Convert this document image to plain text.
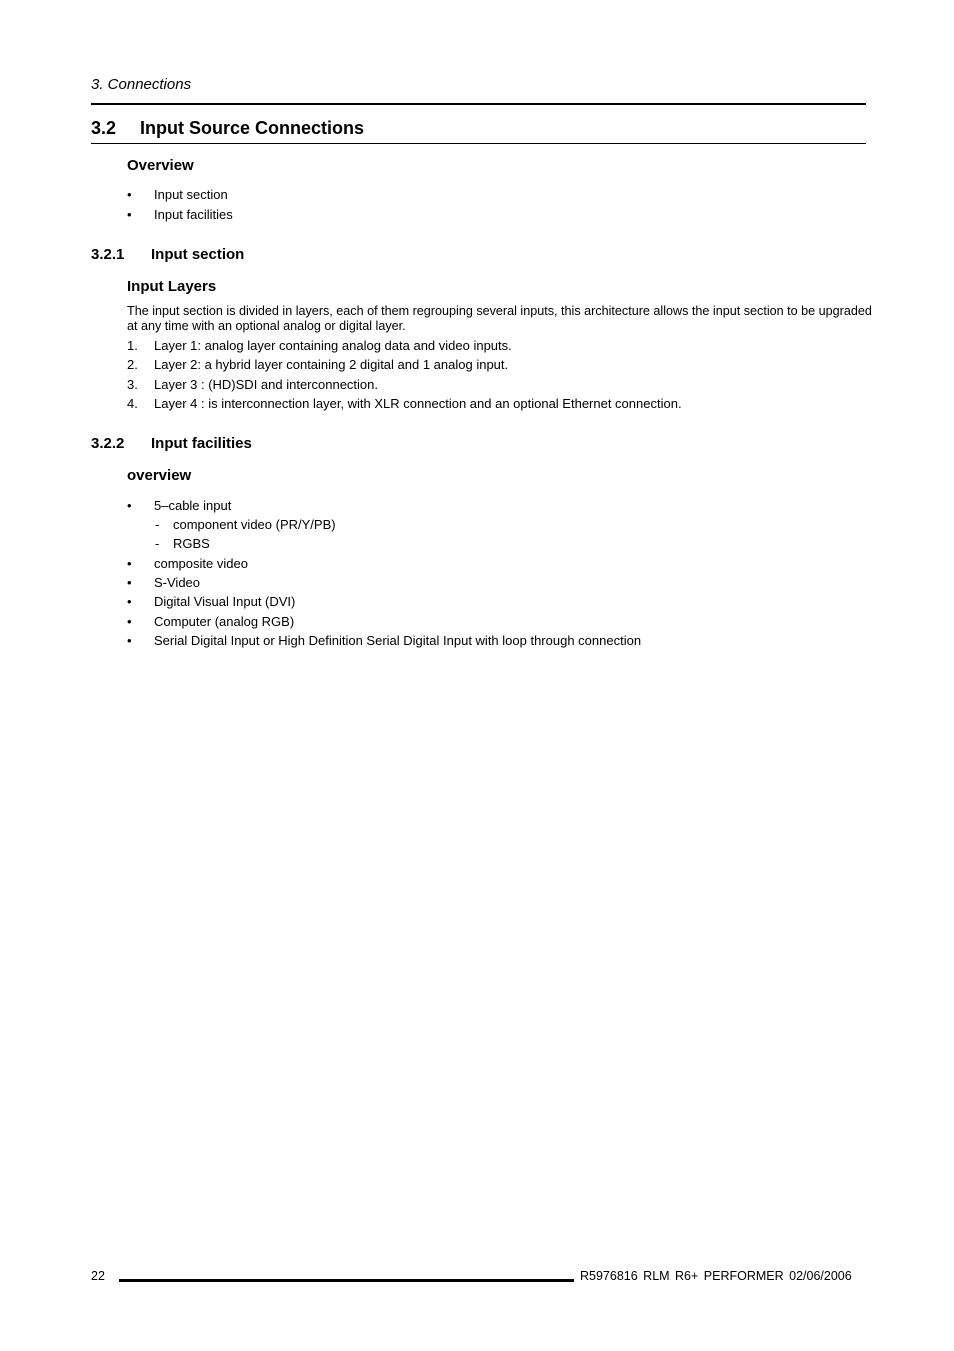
3. Connections
3.2 Input Source Connections
Overview
• Input section
• Input facilities
3.2.1 Input section
Input Layers
The input section is divided in layers, each of them regrouping several inputs, this architecture allows the input section to be upgraded at any time with an optional analog or digital layer.
1. Layer 1: analog layer containing analog data and video inputs.
2. Layer 2: a hybrid layer containing 2 digital and 1 analog input.
3. Layer 3 : (HD)SDI and interconnection.
4. Layer 4 : is interconnection layer, with XLR connection and an optional Ethernet connection.
3.2.2 Input facilities
overview
• 5–cable input
- component video (PR/Y/PB)
- RGBS
• composite video
• S-Video
• Digital Visual Input (DVI)
• Computer (analog RGB)
• Serial Digital Input or High Definition Serial Digital Input with loop through connection
22	R5976816 RLM R6+ PERFORMER 02/06/2006
